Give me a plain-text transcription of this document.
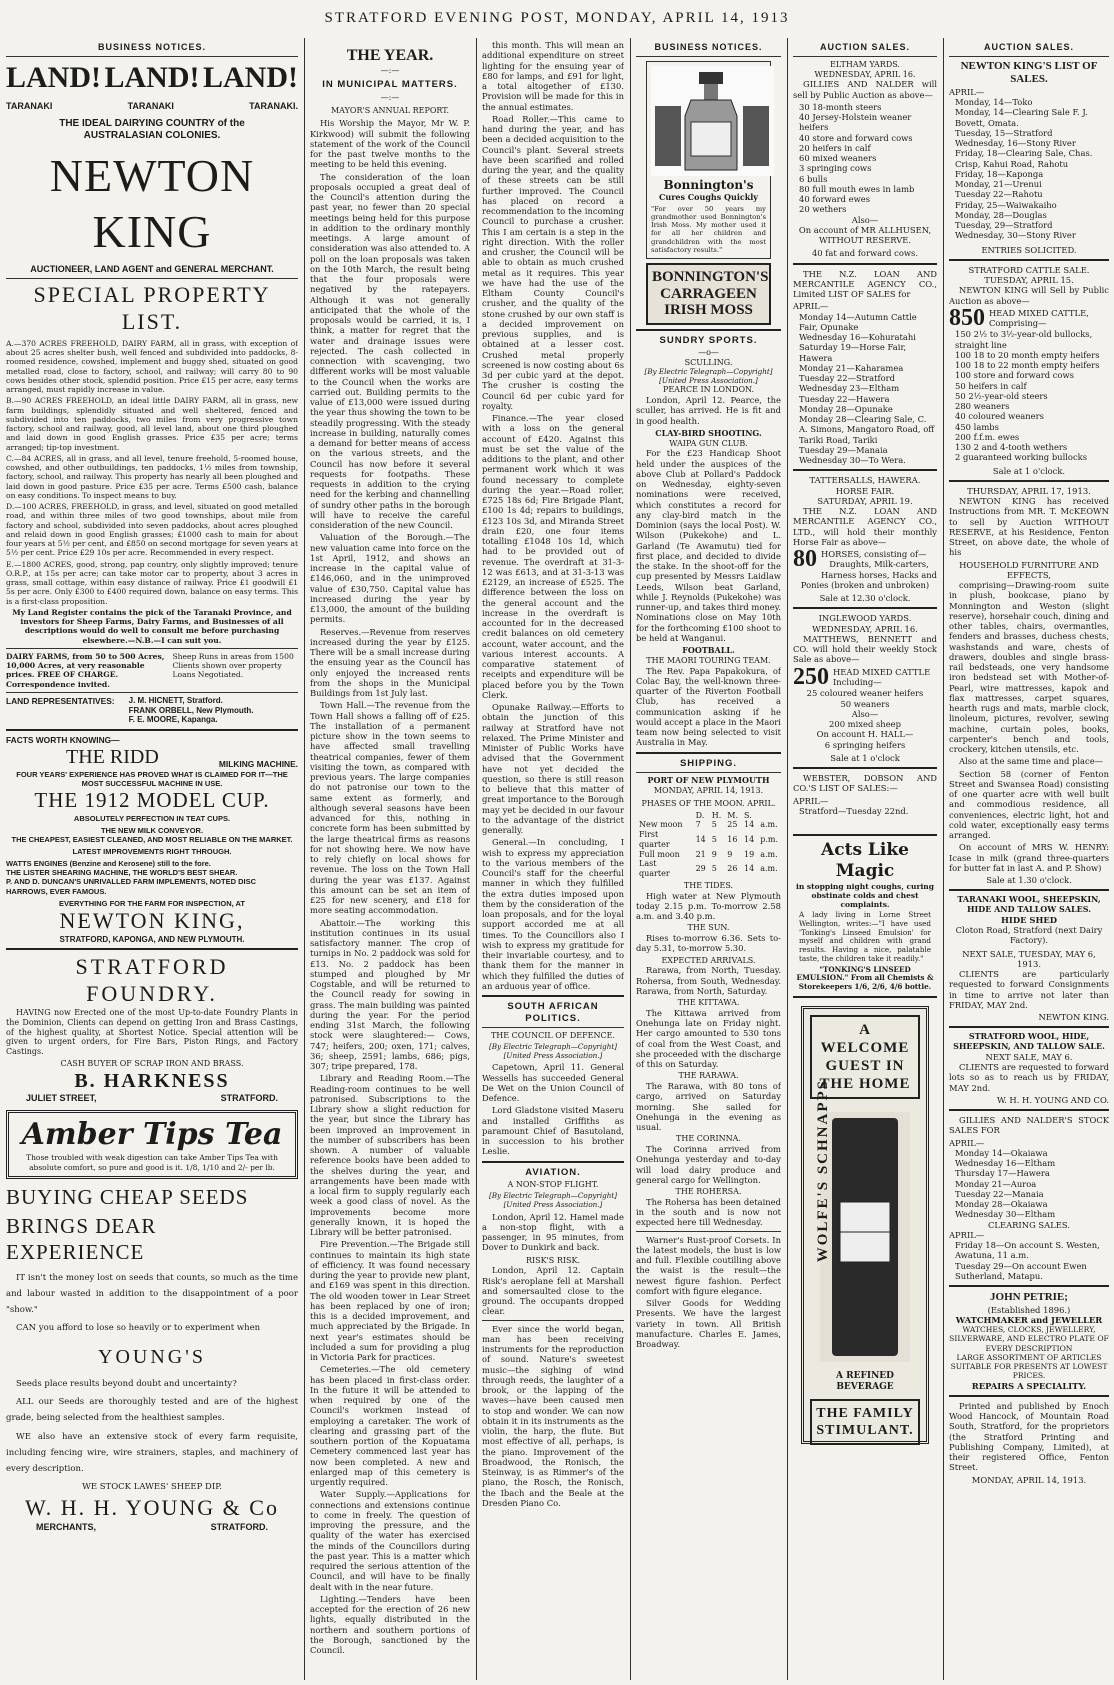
STRATFORD EVENING POST, MONDAY, APRIL 14, 1913
BUSINESS NOTICES.
LAND! LAND! LAND!
TARANAKI	TARANAKI	TARANAKI.
THE IDEAL DAIRYING COUNTRY of the AUSTRALASIAN COLONIES.
NEWTON KING
AUCTIONEER, LAND AGENT and GENERAL MERCHANT.
SPECIAL PROPERTY LIST.

A.—370 ACRES FREEHOLD, DAIRY FARM, all in grass, with exception of about 25 acres shelter bush, well fenced and subdivided into paddocks, 8-roomed residence, cowshed, implement and buggy shed, situated on good metalled road, close to factory, school, and railway; will carry 80 to 90 cows besides other stock, splendid position. Price £15 per acre, easy terms arranged, must rapidly increase in value.

B.—90 ACRES FREEHOLD, an ideal little DAIRY FARM, all in grass, new farm buildings, splendidly situated and well sheltered, fenced and subdivided into ten paddocks, two miles from very progressive town factory, school and railway, good, all level land, about one third ploughed and laid down in good English grasses. Price £35 per acre; terms arranged; tip-top investment.

C.—84 ACRES, all in grass, and all level, tenure freehold, 5-roomed house, cowshed, and other outbuildings, ten paddocks, 1½ miles from township, factory, school, and railway. This property has nearly all been ploughed and laid down in good pasture. Price £35 per acre. Terms £500 cash, balance on easy conditions. To inspect means to buy.

D.—100 ACRES, FREEHOLD, in grass, and level, situated on good metalled road, and within three miles of two good townships, about mile from factory and school, subdivided into seven paddocks, about acres ploughed and relaid down in good English grasses; £1000 cash to main for about four years at 5½ per cent, and £850 on second mortgage for seven years at 5½ per cent. Price £29 10s per acre. Recommended in every respect.

E.—1800 ACRES, good, strong, pap country, only slightly improved; tenure O.R.P., at 15s per acre; can take motor car to property, about 3 acres in grass, small cottage, within easy distance of railway. Price £1 goodwill £1 5s per acre. Only £300 to £400 required down, balance on easy terms. This is a first-class proposition.

My Land Register contains the pick of the Taranaki Province, and investors for Sheep Farms, Dairy Farms, and Businesses of all descriptions would do well to consult me before purchasing elsewhere.—N.B.—I can suit you.

DAIRY FARMS, from 50 to 500 Acres, 10,000 Acres, at very reasonable prices. FREE OF CHARGE. Correspondence invited.
Sheep Runs in areas from 1500 Clients shown over property Loans Negotiated.
LAND REPRESENTATIVES:	J. M. HICNETT, Stratford.
FRANK ORBELL, New Plymouth.
F. E. MOORE, Kapanga.
FACTS WORTH KNOWING—
THE RIDD	MILKING MACHINE.
FOUR YEARS' EXPERIENCE HAS PROVED WHAT IS CLAIMED FOR IT—THE MOST SUCCESSFUL MACHINE IN USE.
THE 1912 MODEL CUP.
ABSOLUTELY PERFECTION IN TEAT CUPS.
THE NEW MILK CONVEYOR.
THE CHEAPEST, EASIEST CLEANED, AND MOST RELIABLE ON THE MARKET.
LATEST IMPROVEMENTS RIGHT THROUGH.
WATTS ENGINES (Benzine and Kerosene) still to the fore.
THE LISTER SHEARING MACHINE, THE WORLD'S BEST SHEAR.
P. AND D. DUNCAN'S UNRIVALLED FARM IMPLEMENTS, NOTED DISC HARROWS, EVER FAMOUS.
EVERYTHING FOR THE FARM FOR INSPECTION, AT
NEWTON KING,
STRATFORD, KAPONGA, AND NEW PLYMOUTH.
STRATFORD FOUNDRY.

HAVING now Erected one of the most Up-to-date Foundry Plants in the Dominion, Clients can depend on getting Iron and Brass Castings, of the highest quality, at Shortest Notice. Special attention will be given to urgent orders, for Fire Bars, Piston Rings, and Factory Castings.

CASH BUYER OF SCRAP IRON AND BRASS.
B. HARKNESS
JULIET STREET,	STRATFORD.
Amber Tips Tea
Those troubled with weak digestion can take Amber Tips Tea with absolute comfort, so pure and good is it. 1/8, 1/10 and 2/- per lb.
BUYING CHEAP SEEDS
BRINGS DEAR EXPERIENCE

IT isn't the money lost on seeds that counts, so much as the time and labour wasted in addition to the disappointment of a poor "show."

CAN you afford to lose so heavily or to experiment when

YOUNG'S

Seeds place results beyond doubt and uncertainty?

ALL our Seeds are thoroughly tested and are of the highest grade, being selected from the healthiest samples.

WE also have an extensive stock of every farm requisite, including fencing wire, wire strainers, staples, and machinery of every description.

WE STOCK LAWES' SHEEP DIP.
W. H. H. YOUNG & Co
MERCHANTS,	STRATFORD.
THE YEAR.
—:—
IN MUNICIPAL MATTERS.
—:—
MAYOR'S ANNUAL REPORT.

His Worship the Mayor, Mr W. P. Kirkwood) will submit the following statement of the work of the Council for the past twelve months to the meeting to be held this evening.

The consideration of the loan proposals occupied a great deal of the Council's attention during the past year, no fewer than 20 special meetings being held for this purpose in addition to the ordinary monthly meetings. A large amount of consideration was also attended to. A poll on the loan proposals was taken on the 10th March, the result being that the four proposals were negatived by the ratepayers. Although it was not generally anticipated that the whole of the proposals would be carried, it is, I think, a matter for regret that the water and drainage issues were rejected. The cash collected in connection with scavenging, two different works will be most valuable to the Council when the works are carried out. Building permits to the value of £13,000 were issued during the year thus showing the town to be steadily progressing. With the steady increase in building, naturally comes a demand for better means of access on the various streets, and the Council has now before it several requests for footpaths. These requests in addition to the crying need for the kerbing and channelling of sundry other paths in the borough will have to receive the careful consideration of the new Council.

Valuation of the Borough.—The new valuation came into force on the 1st April, 1912, and shows an increase in the capital value of £146,060, and in the unimproved value of £30,750. Capital value has increased during the year by £13,000, the amount of the building permits.

Reserves.—Revenue from reserves increased during the year by £125. There will be a small increase during the ensuing year as the Council has only enjoyed the increased rents from the shops in the Municipal Buildings from 1st July last.

Town Hall.—The revenue from the Town Hall shows a falling off of £25. The installation of a permanent picture show in the town seems to have affected small travelling theatrical companies, fewer of them visiting the town, as compared with previous years. The large companies do not patronise our town to the same extent as formerly, and although several seasons have been advanced for this, nothing in concrete form has been submitted by the large theatrical firms as reasons for not showing here. We now have to rely chiefly on local shows for revenue. The loss on the Town Hall during the year was £137. Against this amount can be set an item of £25 for new scenery, and £18 for more seating accommodation.

Abattoir.—The working this institution continues in its usual satisfactory manner. The crop of turnips in No. 2 paddock was sold for £13. No. 2 paddock has been stumped and ploughed by Mr Cogstable, and will be returned to the Council ready for sowing in grass. The main building was painted during the year. For the period ending 31st March, the following stock were slaughtered:— Cows, 747; heifers, 200; oxen, 171; calves, 36; sheep, 2591; lambs, 686; pigs, 307; tripe prepared, 178.

Library and Reading Room.—The Reading-room continues to be well patronised. Subscriptions to the Library show a slight reduction for the year, but since the Library has been improved an improvement in the number of subscribers has been shown. A number of valuable reference books have been added to the shelves during the year, and arrangements have been made with a local firm to supply regularly each week a good class of novel. As the improvements become more generally known, it is hoped the Library will be better patronised.

Fire Prevention.—The Brigade still continues to maintain its high state of efficiency. It was found necessary during the year to provide new plant, and £169 was spent in this direction. The old wooden tower in Lear Street has been replaced by one of iron; this is a decided improvement, and much appreciated by the Brigade. In next year's estimates should be included a sum for providing a plug in Victoria Park for practices.

Cemeteries.—The old cemetery has been placed in first-class order. In the future it will be attended to when required by one of the Council's workmen instead of employing a caretaker. The work of clearing and grassing part of the southern portion of the Kopuatama Cemetery commenced last year has now been completed. A new and enlarged map of this cemetery is urgently required.

Water Supply.—Applications for connections and extensions continue to come in freely. The question of improving the pressure, and the quality of the water has exercised the minds of the Councillors during the past year. This is a matter which required the serious attention of the Council, and will have to be finally dealt with in the near future.

Lighting.—Tenders have been accepted for the erection of 26 new lights, equally distributed in the northern and southern portions of the Borough, sanctioned by the Council.

this month. This will mean an additional expenditure on street lighting for the ensuing year of £80 for lamps, and £91 for light, a total altogether of £130. Provision will be made for this in the annual estimates.

Road Roller.—This came to hand during the year, and has been a decided acquisition to the Council's plant. Several streets have been scarified and rolled during the year, and the quality of these streets can be still further improved. The Council has placed on record a recommendation to the incoming Council to purchase a crusher. This I am certain is a step in the right direction. With the roller and crusher, the Council will be able to obtain as much crushed metal as it requires. This year we have had the use of the Eltham County Council's crusher, and the quality of the stone crushed by our own staff is a decided improvement on previous supplies, and is obtained at a lesser cost. Crushed metal properly screened is now costing about 6s 3d per cubic yard at the depot. The crusher is costing the Council 6d per cubic yard for royalty.

Finance.—The year closed with a loss on the general account of £420. Against this must be set the value of the additions to the plant, and other permanent work which it was found necessary to complete during the year.—Road roller, £725 18s 6d; Fire Brigade Plant, £100 1s 4d; repairs to buildings, £123 10s 3d, and Miranda Street drain £20, one four items totalling £1048 10s 1d, which had to be provided out of revenue. The overdraft at 31-3-12 was £613, and at 31-3-13 was £2129, an increase of £525. The difference between the loss on the general account and the increase in the overdraft is accounted for in the decreased credit balances on old cemetery account, water account, and the various interest accounts. A comparative statement of receipts and expenditure will be placed before you by the Town Clerk.

Opunake Railway.—Efforts to obtain the junction of this railway at Stratford have not relaxed. The Prime Minister and Minister of Public Works have advised that the Government have not yet decided the question, so there is still reason to believe that this matter of great importance to the Borough may yet be decided in our favour to the advantage of the district generally.

General.—In concluding, I wish to express my appreciation to the various members of the Council's staff for the cheerful manner in which they fulfilled the extra duties imposed upon them by the consideration of the loan proposals, and for the loyal support accorded me at all times. To the Councillors also I wish to express my gratitude for their invariable courtesy, and to thank them for the manner in which they fulfilled the duties of an arduous year of office.

SOUTH AFRICAN POLITICS.
THE COUNCIL OF DEFENCE.
[By Electric Telegraph—Copyright] [United Press Association.]

Capetown, April 11. General Wessells has succeeded General De Wet on the Union Council of Defence.

Lord Gladstone visited Maseru and installed Griffiths as paramount Chief of Basutoland, in succession to his brother Leslie.

AVIATION.
A NON-STOP FLIGHT.
[By Electric Telegraph—Copyright] [United Press Association.]

London, April 12. Hamel made a non-stop flight, with a passenger, in 95 minutes, from Dover to Dunkirk and back.

RISK'S RISK.

London, April 12. Captain Risk's aeroplane fell at Marshall and somersaulted close to the ground. The occupants dropped clear.

Ever since the world began, man has been receiving instruments for the reproduction of sound. Nature's sweetest music—the sighing of wind through reeds, the laughter of a brook, or the lapping of the waves—have been caused men to stop and wonder. We can now obtain it in its instruments as the violin, the harp, the flute. But most effective of all, perhaps, is the piano. Improvement of the Broadwood, the Ronisch, the Steinway, is as Rimmer's of the piano, the Rosch, the Ronisch, the Ibach and the Beale at the Dresden Piano Co.

BUSINESS NOTICES.
Bonnington's
Cures Coughs Quickly
"For over 50 years my grandmother used Bonnington's Irish Moss. My mother used it for all her children and grandchildren with the most satisfactory results."
BONNINGTON'S CARRAGEEN IRISH MOSS
SUNDRY SPORTS.
—o—
SCULLING.
[By Electric Telegraph—Copyright] [United Press Association.]
PEARCE IN LONDON.

London, April 12. Pearce, the sculler, has arrived. He is fit and in good health.

CLAY-BIRD SHOOTING.
WAIPA GUN CLUB.

For the £23 Handicap Shoot held under the auspices of the above Club at Pollard's Paddock on Wednesday, eighty-seven nominations were received, which constitutes a record for any clay-bird match in the Dominion (says the local Post). W. Wilson (Pukekohe) and L. Garland (Te Awamutu) tied for first place, and decided to divide the stake. In the shoot-off for the cup presented by Messrs Laidlaw Leeds, Wilson beat Garland, while J. Reynolds (Pukekohe) was runner-up, and takes third money. Nominations close on May 10th for the forthcoming £100 shoot to be held at Wanganui.

FOOTBALL.
THE MAORI TOURING TEAM.

The Rev. Papa Papakokura, of Colac Bay, the well-known three-quarter of the Riverton Football Club, has received a communication asking if he would accept a place in the Maori team now being selected to visit Australia in May.

SHIPPING.
PORT OF NEW PLYMOUTH
MONDAY, APRIL 14, 1913.
PHASES OF THE MOON. APRIL.
	D.	H.	M.	S.	
New moon	7	5	25	14	a.m.
First quarter	14	5	16	14	p.m.
Full moon	21	9	9	19	a.m.
Last quarter	29	5	26	14	a.m.
THE TIDES.

High water at New Plymouth today 2.15 p.m. To-morrow 2.58 a.m. and 3.40 p.m.

THE SUN.

Rises to-morrow 6.36. Sets to-day 5.31, to-morrow 5.30.

EXPECTED ARRIVALS.

Rarawa, from North, Tuesday. Rohersa, from South, Wednesday. Rarawa, from North, Saturday.

THE KITTAWA.

The Kittawa arrived from Onehunga late on Friday night. Her cargo amounted to 530 tons of coal from the West Coast, and she proceeded with the discharge of this on Saturday.

THE RARAWA.

The Rarawa, with 80 tons of cargo, arrived on Saturday morning. She sailed for Onehunga in the evening as usual.

THE CORINNA.

The Corinna arrived from Onehunga yesterday and to-day will load dairy produce and general cargo for Wellington.

THE ROHERSA.

The Rohersa has been detained in the south and is now not expected here till Wednesday.

Warner's Rust-proof Corsets. In the latest models, the bust is low and full. Flexible coutilling above the waist is the result—the newest figure fashion. Perfect comfort with figure elegance.

Silver Goods for Wedding Presents. We have the largest variety in town. All British manufacture. Charles E. James, Broadway.

AUCTION SALES.
ELTHAM YARDS.
WEDNESDAY, APRIL 16.

GILLIES AND NALDER will sell by Public Auction as above—

30 18-month steers
40 Jersey-Holstein weaner heifers
40 store and forward cows
20 heifers in calf
60 mixed weaners
3 springing cows
6 bulls
80 full mouth ewes in lamb
40 forward ewes
20 wethers
Also—
On account of MR ALLHUSEN, WITHOUT RESERVE.
40 fat and forward cows.

THE N.Z. LOAN AND MERCANTILE AGENCY CO., Limited LIST OF SALES for

APRIL—
Monday 14—Autumn Cattle Fair, Opunake
Wednesday 16—Kohuratahi
Saturday 19—Horse Fair, Hawera
Monday 21—Kaharamea
Tuesday 22—Stratford
Wednesday 23—Eltham
Tuesday 22—Hawera
Monday 28—Opunake
Monday 28—Clearing Sale, C. A. Simons, Mangatoro Road, off Tariki Road, Tariki
Tuesday 29—Manaia
Wednesday 30—To Wera.
TATTERSALLS, HAWERA.
HORSE FAIR.
SATURDAY, APRIL 19.

THE N.Z. LOAN AND MERCANTILE AGENCY CO., LTD., will hold their monthly Horse Fair as above—

80 HORSES, consisting of—
Draughts, Milk-carters, Harness horses, Hacks and Ponies (broken and unbroken)
Sale at 12.30 o'clock.
INGLEWOOD YARDS.
WEDNESDAY, APRIL 16.

MATTHEWS, BENNETT and CO. will hold their weekly Stock Sale as above—

250 HEAD MIXED CATTLE Including—
25 coloured weaner heifers
50 weaners
Also—
200 mixed sheep
On account H. HALL—
6 springing heifers
Sale at 1 o'clock

WEBSTER, DOBSON AND CO.'S LIST OF SALES:—

APRIL—
Stratford—Tuesday 22nd.
Acts Like Magic
in stopping night coughs, curing obstinate colds and chest complaints.
A lady living in Lorne Street Wellington, writes:—"I have used 'Tonking's Linseed Emulsion' for myself and children with grand results. Having a nice, palatable taste, the children take it readily."
"TONKING'S LINSEED EMULSION." From all Chemists & Storekeepers 1/6, 2/6, 4/6 bottle.
A WELCOME GUEST IN THE HOME
WOLFE'S SCHNAPPS
A REFINED BEVERAGE
THE FAMILY STIMULANT.
AUCTION SALES.
NEWTON KING'S LIST OF SALES.
APRIL—
Monday, 14—Toko
Monday, 14—Clearing Sale F. J. Bovett, Omata.
Tuesday, 15—Stratford
Wednesday, 16—Stony River
Friday, 18—Clearing Sale, Chas. Crisp, Kahui Road, Rahotu
Friday, 18—Kaponga
Monday, 21—Urenui
Tuesday 22—Rahotu
Friday, 25—Waiwakaiho
Monday, 28—Douglas
Tuesday, 29—Stratford
Wednesday, 30—Stony River
ENTRIES SOLICITED.
STRATFORD CATTLE SALE.
TUESDAY, APRIL 15.

NEWTON KING will Sell by Public Auction as above—

850 HEAD MIXED CATTLE, Comprising—
150 2½ to 3½-year-old bullocks, straight line
100 18 to 20 month empty heifers
100 18 to 22 month empty heifers
100 store and forward cows
50 heifers in calf
50 2½-year-old steers
280 weaners
40 coloured weaners
450 lambs
200 f.f.m. ewes
130 2 and 4-tooth wethers
2 guaranteed working bullocks
Sale at 1 o'clock.
THURSDAY, APRIL 17, 1913.

NEWTON KING has received Instructions from MR. T. McKEOWN to sell by Auction WITHOUT RESERVE, at his Residence, Fenton Street, on above date, the whole of his

HOUSEHOLD FURNITURE AND EFFECTS,

comprising—Drawing-room suite in plush, bookcase, piano by Monnington and Weston (slight reserve), horsehair couch, dining and other tables, chairs, overmantles, fenders and brasses, duchess chests, washstands and ware, chests of drawers, doubles and single brass-rail bedsteads, one very handsome iron bedstead set with Mother-of-Pearl, wire mattresses, kapok and flax mattresses, carpet squares, hearth rugs and mats, marble clock, linoleum, pictures, revolver, sewing machine, curtain poles, books, carpenter's bench and tools, crockery, kitchen utensils, etc.

Also at the same time and place—

Section 58 (corner of Fenton Street and Swansea Road) consisting of one quarter acre with well built and commodious residence, all conveniences, electric light, hot and cold water, exceptionally easy terms arranged.

On account of MRS W. HENRY: Icase in milk (grand three-quarters for butter fat in last A. and P. Show)

Sale at 1.30 o'clock.
TARANAKI WOOL, SHEEPSKIN, HIDE AND TALLOW SALES.
HIDE SHED
Cloton Road, Stratford (next Dairy Factory).
NEXT SALE, TUESDAY, MAY 6, 1913.

CLIENTS are particularly requested to forward Consignments in time to arrive not later than FRIDAY, MAY 2nd.

NEWTON KING.
STRATFORD WOOL, HIDE, SHEEPSKIN, AND TALLOW SALE.
NEXT SALE, MAY 6.

CLIENTS are requested to forward lots so as to reach us by FRIDAY, MAY 2nd.

W. H. H. YOUNG AND CO.

GILLIES AND NALDER'S STOCK SALES FOR

APRIL—
Monday 14—Okaiawa
Wednesday 16—Eltham
Thursday 17—Hawera
Monday 21—Auroa
Tuesday 22—Manaia
Monday 28—Okaiawa
Wednesday 30—Eltham
CLEARING SALES.
APRIL—
Friday 18—On account S. Westen, Awatuna, 11 a.m.
Tuesday 29—On account Ewen Sutherland, Matapu.
JOHN PETRIE;
(Established 1896.)
WATCHMAKER and JEWELLER
WATCHES, CLOCKS, JEWELLERY, SILVERWARE, AND ELECTRO PLATE OF EVERY DESCRIPTION
LARGE ASSORTMENT OF ARTICLES SUITABLE FOR PRESENTS AT LOWEST PRICES.
REPAIRS A SPECIALITY.

Printed and published by Enoch Wood Hancock, of Mountain Road South, Stratford, for the proprietors (the Stratford Printing and Publishing Company, Limited), at their registered Office, Fenton Street.

MONDAY, APRIL 14, 1913.
